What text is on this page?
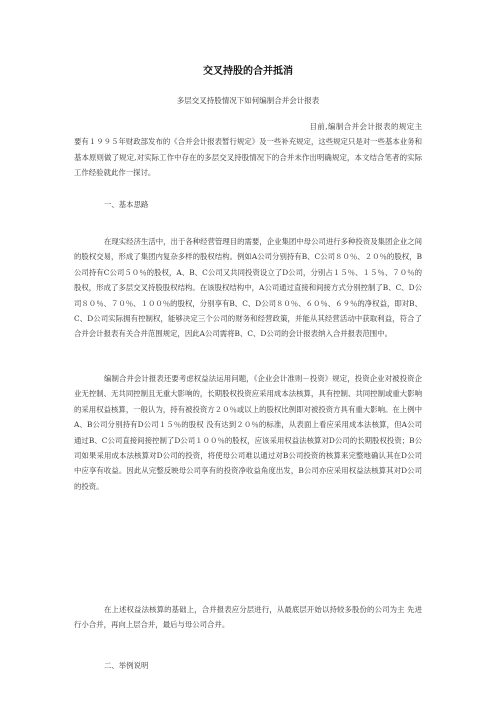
交叉持股的合并抵消
多层交叉持股情况下如何编制合并会计报表

目前,编制合并会计报表的规定主要有１９９５年财政部发布的《合并会计报表暂行规定》及一些补充规定，这些规定只是对一些基本业务和基本原则做了规定,对实际工作中存在的多层交叉持股情况下的合并未作出明确规定，本文结合笔者的实际工作经验就此作一探讨。

一、基本思路

在现实经济生活中，出于各种经营管理目的需要，企业集团中母公司进行多种投资及集团企业之间的股权交易，形成了集团内复杂多样的股权结构。例如A公司分别持有B、C公司８０％、２０％的股权，B公司持有C公司５０％的股权，A、B、C公司又共同投资设立了D公司，分别占１５％、１５％、７０％的股权，形成了多层交叉持股股权结构。在该股权结构中，A公司通过直接和间接方式分别控制了B、C、D公司８０％、７０％、１００％的股权，分别享有B、C、D公司８０％、６０％、６９％的净权益，即对B、C、D公司实际拥有控制权，能够决定三个公司的财务和经营政策，并能从其经营活动中获取利益，符合了合并会计报表有关合并范围规定，因此A公司需将B、C、D公司的会计报表纳入合并报表范围中。

编制合并会计报表还要考虑权益法运用问题，《企业会计准则－投资》规定，投资企业对被投资企业无控制、无共同控制且无重大影响的，长期股权投资应采用成本法核算，具有控制、共同控制或重大影响的采用权益核算，一般认为，持有被投资方２０％或以上的股权比例即对被投资方具有重大影响。在上例中A、B公司分别持有D公司１５％的股权 没有达到２０％的标准，从表面上看应采用成本法核算，但A公司通过B、C公司直接间接控制了D公司１００％的股权，应该采用权益法核算对D公司的长期股权投资；B公司如果采用成本法核算对D公司的投资，将使母公司难以通过对B公司投资的核算来完整地确认其在D公司中应享有收益。因此从完整反映母公司享有的投资净收益角度出发，B公司亦应采用权益法核算其对D公司的投资。

在上述权益法核算的基础上，合并报表应分层进行，从最底层开始以持较多股份的公司为主 先进行小合并，再向上层合并，最后与母公司合并。

二、举例说明
